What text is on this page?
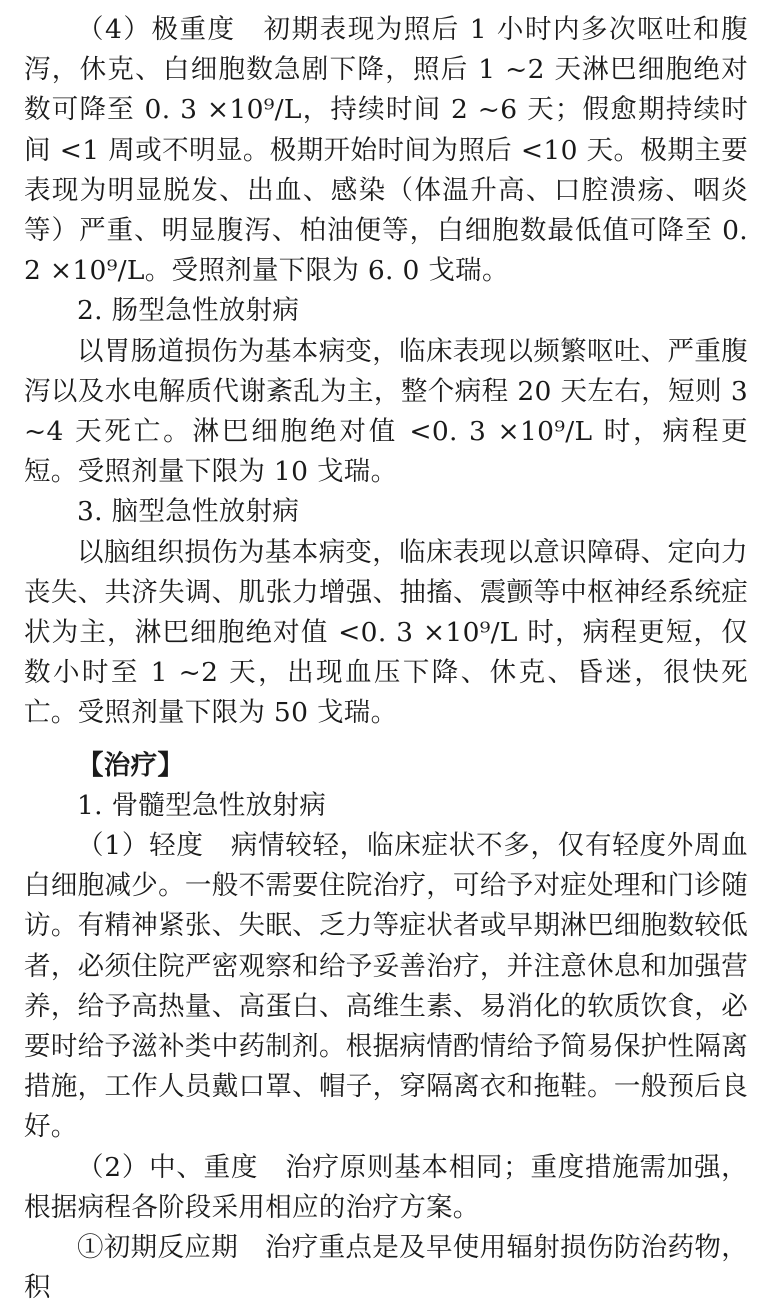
（4）极重度　初期表现为照后 1 小时内多次呕吐和腹泻，休克、白细胞数急剧下降，照后 1 ~2 天淋巴细胞绝对数可降至 0. 3 ×10⁹/L，持续时间 2 ~6 天；假愈期持续时间 <1 周或不明显。极期开始时间为照后 <10 天。极期主要表现为明显脱发、出血、感染（体温升高、口腔溃疡、咽炎等）严重、明显腹泻、柏油便等，白细胞数最低值可降至 0. 2 ×10⁹/L。受照剂量下限为 6. 0 戈瑞。

2. 肠型急性放射病

以胃肠道损伤为基本病变，临床表现以频繁呕吐、严重腹泻以及水电解质代谢紊乱为主，整个病程 20 天左右，短则 3 ~4 天死亡。淋巴细胞绝对值 <0. 3 ×10⁹/L 时，病程更短。受照剂量下限为 10 戈瑞。

3. 脑型急性放射病

以脑组织损伤为基本病变，临床表现以意识障碍、定向力丧失、共济失调、肌张力增强、抽搐、震颤等中枢神经系统症状为主，淋巴细胞绝对值 <0. 3 ×10⁹/L 时，病程更短，仅数小时至 1 ~2 天，出现血压下降、休克、昏迷，很快死亡。受照剂量下限为 50 戈瑞。

【治疗】

1. 骨髓型急性放射病

（1）轻度　病情较轻，临床症状不多，仅有轻度外周血白细胞减少。一般不需要住院治疗，可给予对症处理和门诊随访。有精神紧张、失眠、乏力等症状者或早期淋巴细胞数较低者，必须住院严密观察和给予妥善治疗，并注意休息和加强营养，给予高热量、高蛋白、高维生素、易消化的软质饮食，必要时给予滋补类中药制剂。根据病情酌情给予简易保护性隔离措施，工作人员戴口罩、帽子，穿隔离衣和拖鞋。一般预后良好。

（2）中、重度　治疗原则基本相同；重度措施需加强，根据病程各阶段采用相应的治疗方案。

①初期反应期　治疗重点是及早使用辐射损伤防治药物，积
